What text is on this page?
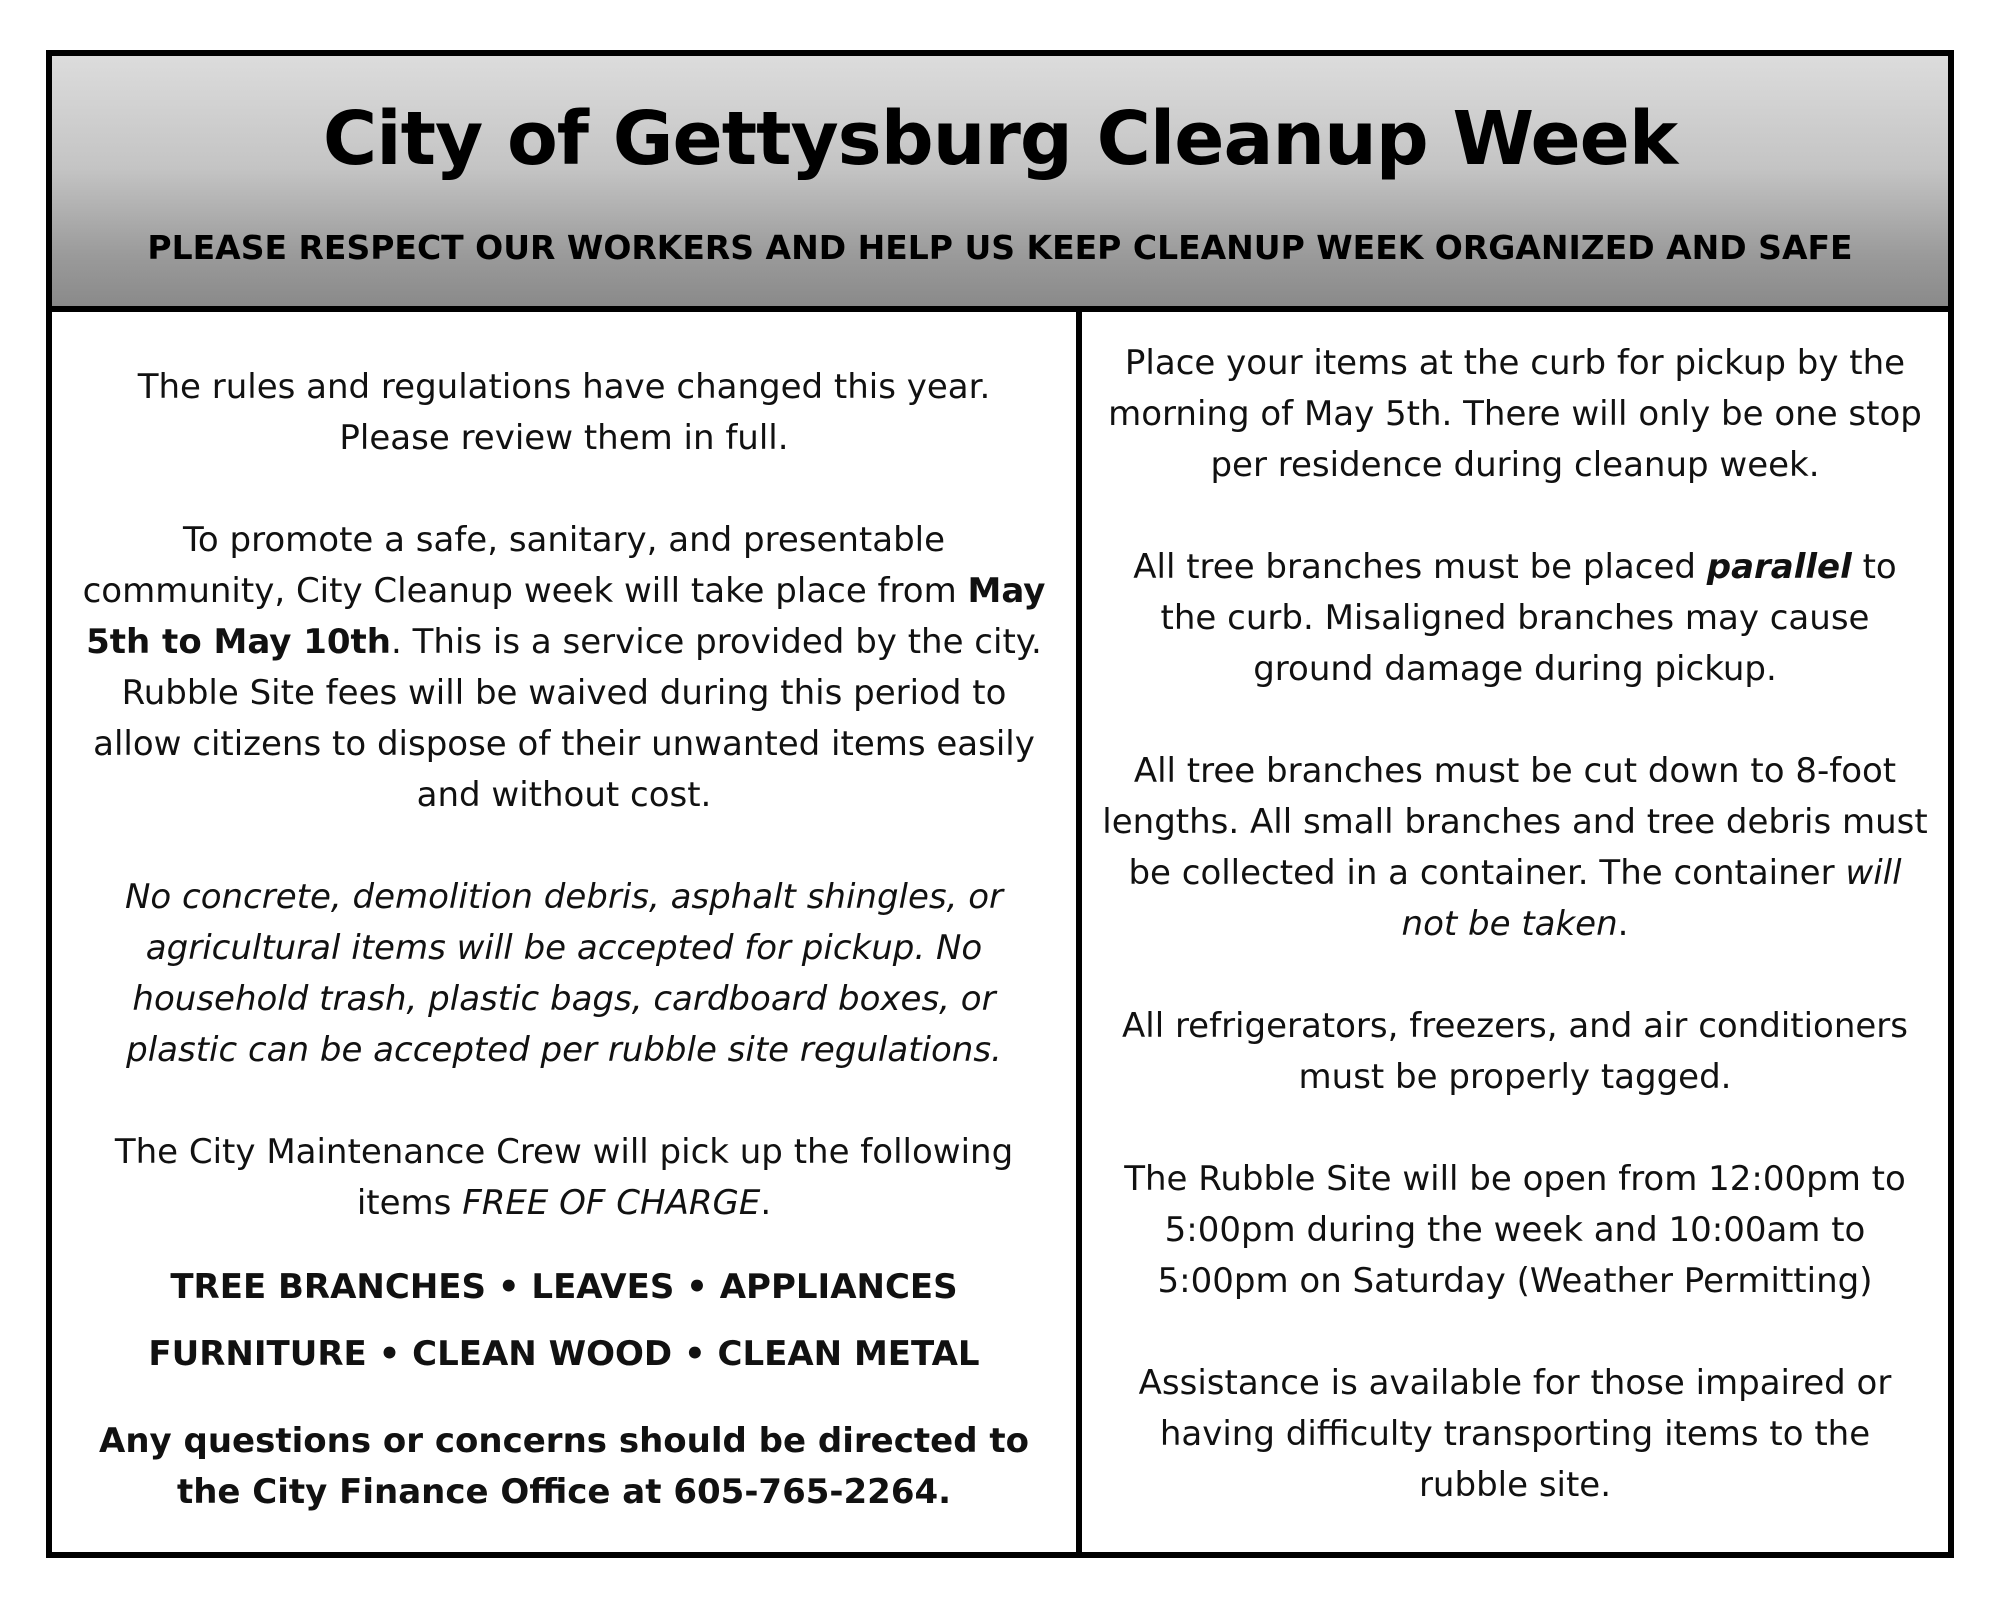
City of Gettysburg Cleanup Week
PLEASE RESPECT OUR WORKERS AND HELP US KEEP CLEANUP WEEK ORGANIZED AND SAFE

The rules and regulations have changed this year.
Please review them in full.

To promote a safe, sanitary, and presentable community, City Cleanup week will take place from May 5th to May 10th. This is a service provided by the city. Rubble Site fees will be waived during this period to allow citizens to dispose of their unwanted items easily and without cost.

No concrete, demolition debris, asphalt shingles, or agricultural items will be accepted for pickup. No household trash, plastic bags, cardboard boxes, or plastic can be accepted per rubble site regulations.

The City Maintenance Crew will pick up the following items FREE OF CHARGE.

TREE BRANCHES • LEAVES • APPLIANCES

FURNITURE • CLEAN WOOD • CLEAN METAL

Any questions or concerns should be directed to the City Finance Office at 605-765-2264.

Place your items at the curb for pickup by the morning of May 5th. There will only be one stop per residence during cleanup week.

All tree branches must be placed parallel to the curb. Misaligned branches may cause ground damage during pickup.

All tree branches must be cut down to 8-foot lengths. All small branches and tree debris must be collected in a container. The container will not be taken.

All refrigerators, freezers, and air conditioners must be properly tagged.

The Rubble Site will be open from 12:00pm to 5:00pm during the week and 10:00am to 5:00pm on Saturday (Weather Permitting)

Assistance is available for those impaired or having difficulty transporting items to the rubble site.
